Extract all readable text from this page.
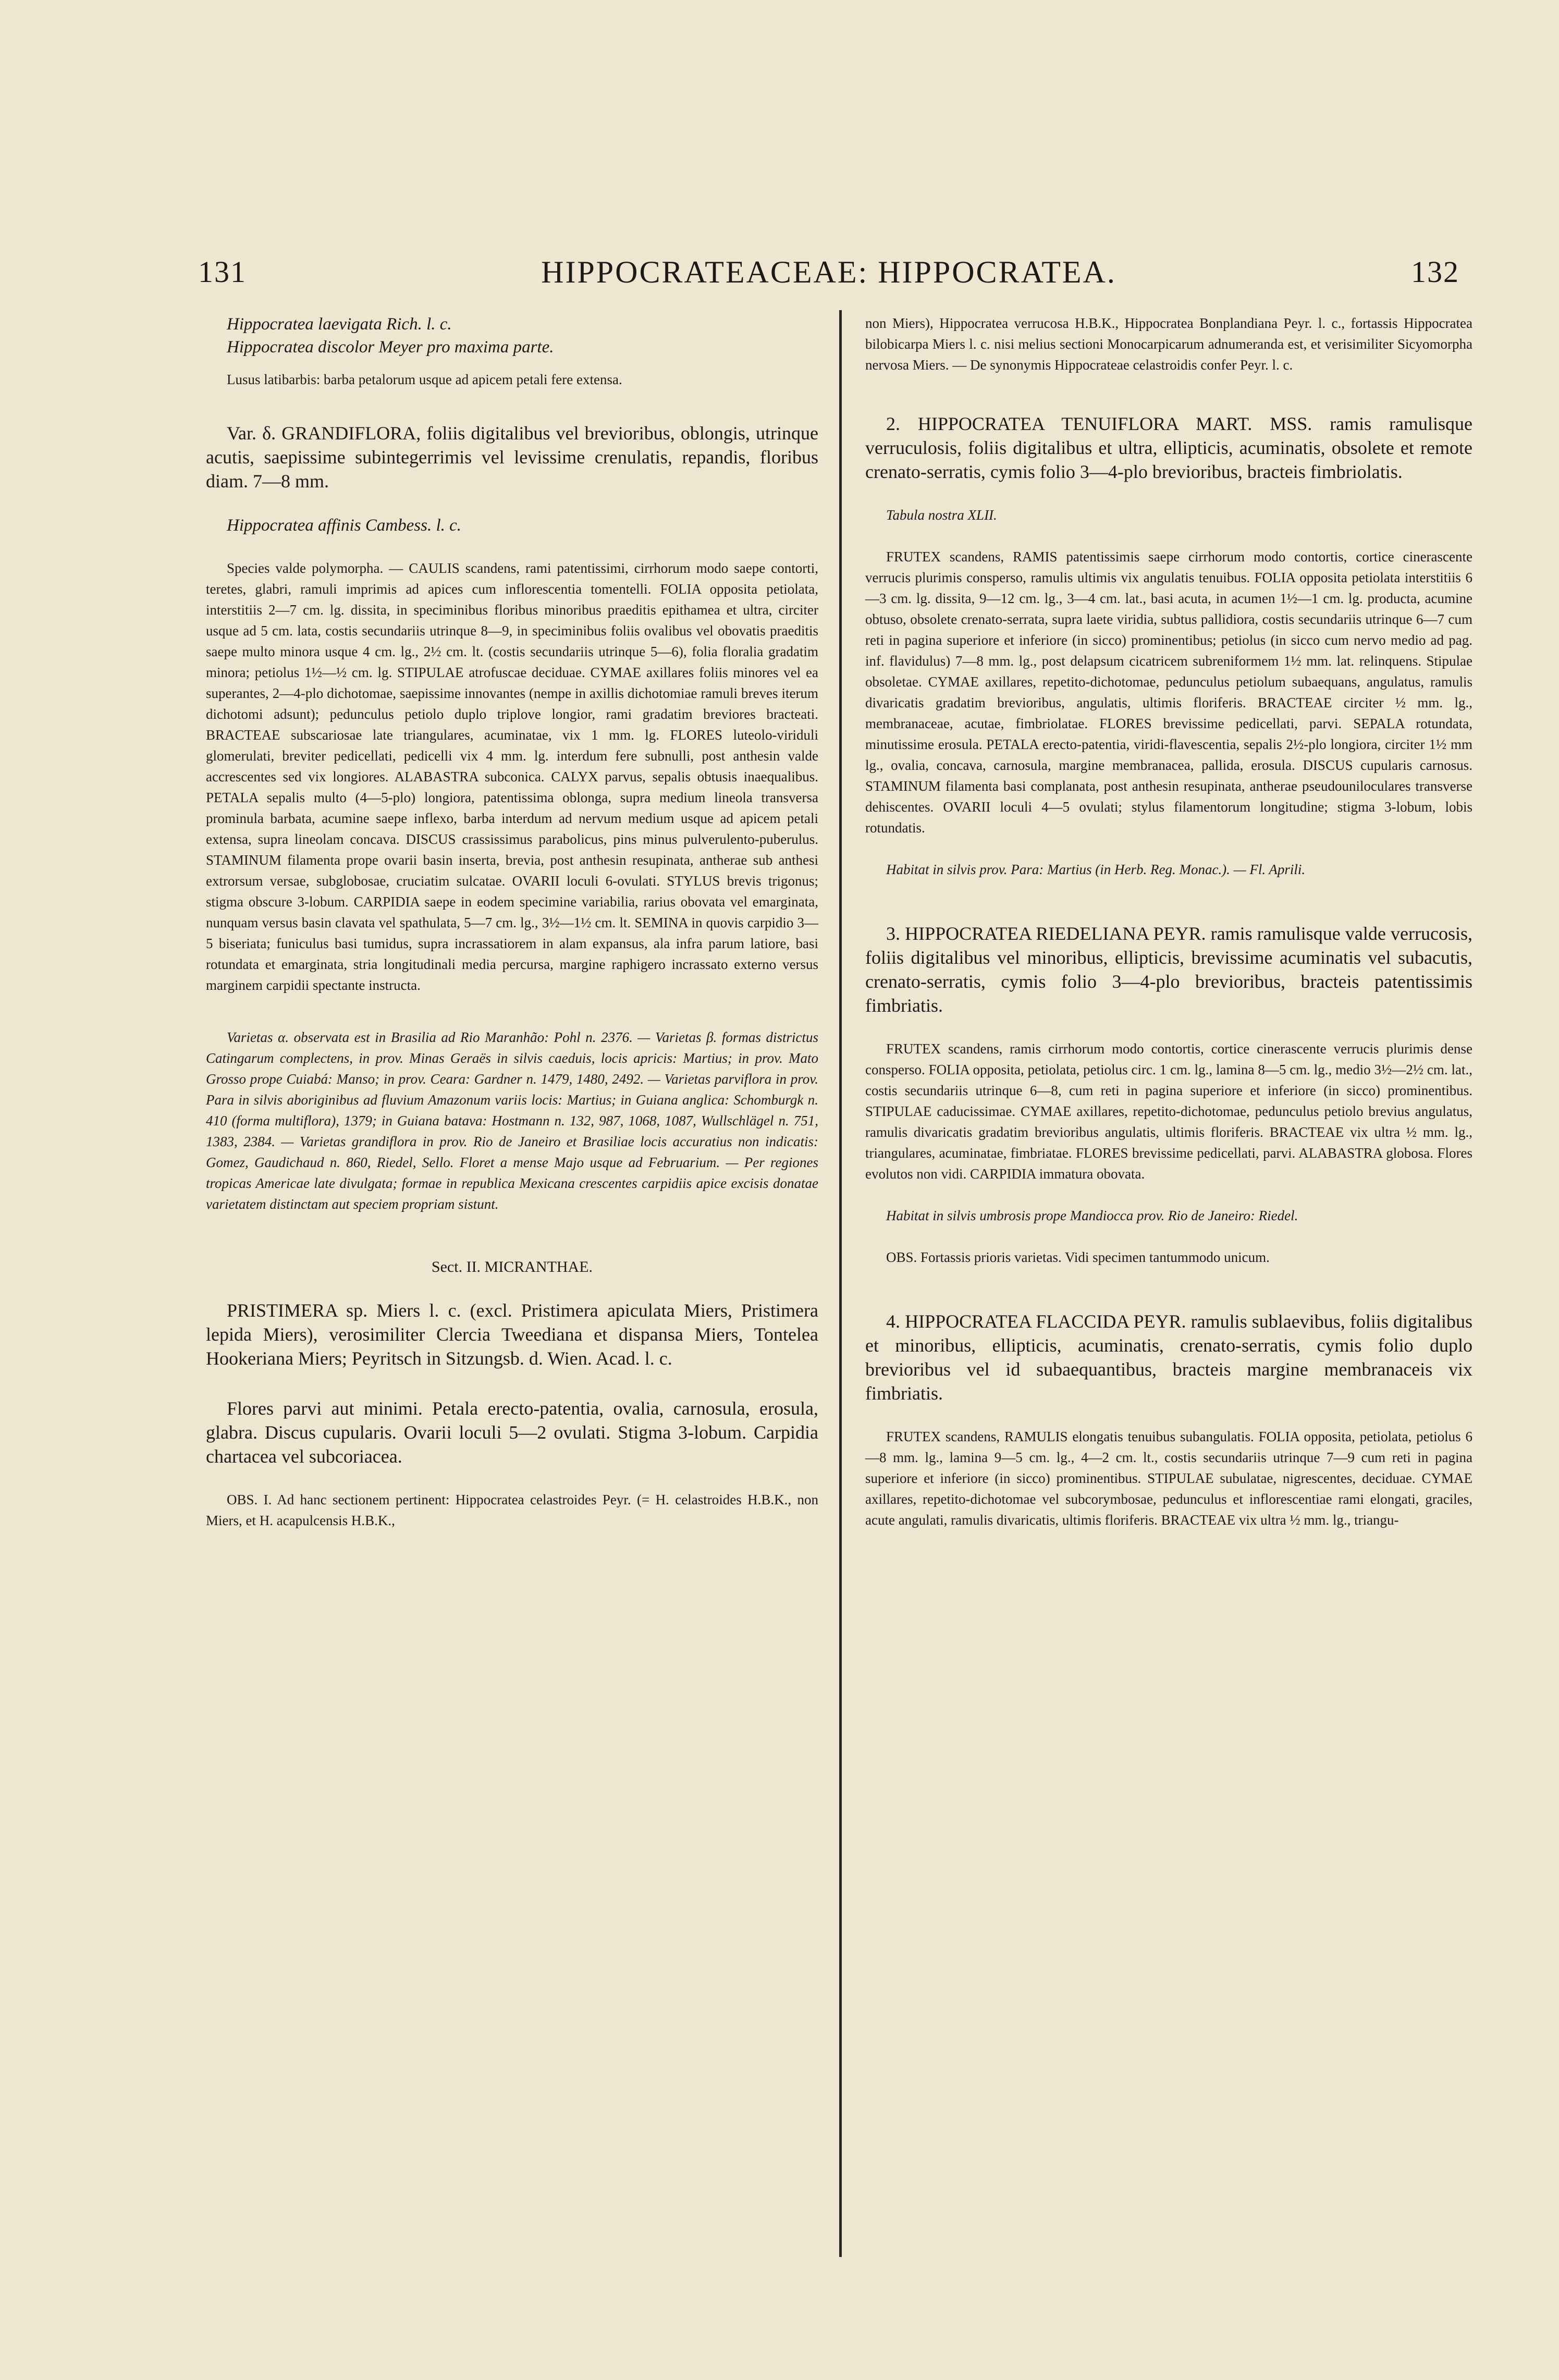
131	HIPPOCRATEACEAE: HIPPOCRATEA.	132

Hippocratea laevigata Rich. l. c.

Hippocratea discolor Meyer pro maxima parte.

Lusus latibarbis: barba petalorum usque ad apicem petali fere extensa.

Var. δ. GRANDIFLORA, foliis digitalibus vel brevioribus, oblongis, utrinque acutis, saepissime subintegerrimis vel levissime crenulatis, repandis, floribus diam. 7—8 mm.

Hippocratea affinis Cambess. l. c.

Species valde polymorpha. — CAULIS scandens, rami patentissimi, cirrhorum modo saepe contorti, teretes, glabri, ramuli imprimis ad apices cum inflorescentia tomentelli. FOLIA opposita petiolata, interstitiis 2—7 cm. lg. dissita, in speciminibus floribus minoribus praeditis epithamea et ultra, circiter usque ad 5 cm. lata, costis secundariis utrinque 8—9, in speciminibus foliis ovalibus vel obovatis praeditis saepe multo minora usque 4 cm. lg., 2½ cm. lt. (costis secundariis utrinque 5—6), folia floralia gradatim minora; petiolus 1½—½ cm. lg. STIPULAE atrofuscae deciduae. CYMAE axillares foliis minores vel ea superantes, 2—4-plo dichotomae, saepissime innovantes (nempe in axillis dichotomiae ramuli breves iterum dichotomi adsunt); pedunculus petiolo duplo triplove longior, rami gradatim breviores bracteati. BRACTEAE subscariosae late triangulares, acuminatae, vix 1 mm. lg. FLORES luteolo-viriduli glomerulati, breviter pedicellati, pedicelli vix 4 mm. lg. interdum fere subnulli, post anthesin valde accrescentes sed vix longiores. ALABASTRA subconica. CALYX parvus, sepalis obtusis inaequalibus. PETALA sepalis multo (4—5-plo) longiora, patentissima oblonga, supra medium lineola transversa prominula barbata, acumine saepe inflexo, barba interdum ad nervum medium usque ad apicem petali extensa, supra lineolam concava. DISCUS crassissimus parabolicus, pins minus pulverulento-puberulus. STAMINUM filamenta prope ovarii basin inserta, brevia, post anthesin resupinata, antherae sub anthesi extrorsum versae, subglobosae, cruciatim sulcatae. OVARII loculi 6-ovulati. STYLUS brevis trigonus; stigma obscure 3-lobum. CARPIDIA saepe in eodem specimine variabilia, rarius obovata vel emarginata, nunquam versus basin clavata vel spathulata, 5—7 cm. lg., 3½—1½ cm. lt. SEMINA in quovis carpidio 3—5 biseriata; funiculus basi tumidus, supra incrassatiorem in alam expansus, ala infra parum latiore, basi rotundata et emarginata, stria longitudinali media percursa, margine raphigero incrassato externo versus marginem carpidii spectante instructa.

Varietas α. observata est in Brasilia ad Rio Maranhão: Pohl n. 2376. — Varietas β. formas districtus Catingarum complectens, in prov. Minas Geraës in silvis caeduis, locis apricis: Martius; in prov. Mato Grosso prope Cuiabá: Manso; in prov. Ceara: Gardner n. 1479, 1480, 2492. — Varietas parviflora in prov. Para in silvis aboriginibus ad fluvium Amazonum variis locis: Martius; in Guiana anglica: Schomburgk n. 410 (forma multiflora), 1379; in Guiana batava: Hostmann n. 132, 987, 1068, 1087, Wullschlägel n. 751, 1383, 2384. — Varietas grandiflora in prov. Rio de Janeiro et Brasiliae locis accuratius non indicatis: Gomez, Gaudichaud n. 860, Riedel, Sello. Floret a mense Majo usque ad Februarium. — Per regiones tropicas Americae late divulgata; formae in republica Mexicana crescentes carpidiis apice excisis donatae varietatem distinctam aut speciem propriam sistunt.

Sect. II. MICRANTHAE.

PRISTIMERA sp. Miers l. c. (excl. Pristimera apiculata Miers, Pristimera lepida Miers), verosimiliter Clercia Tweediana et dispansa Miers, Tontelea Hookeriana Miers; Peyritsch in Sitzungsb. d. Wien. Acad. l. c.

Flores parvi aut minimi. Petala erecto-patentia, ovalia, carnosula, erosula, glabra. Discus cupularis. Ovarii loculi 5—2 ovulati. Stigma 3-lobum. Carpidia chartacea vel subcoriacea.

OBS. I. Ad hanc sectionem pertinent: Hippocratea celastroides Peyr. (= H. celastroides H.B.K., non Miers, et H. acapulcensis H.B.K.,

non Miers), Hippocratea verrucosa H.B.K., Hippocratea Bonplandiana Peyr. l. c., fortassis Hippocratea bilobicarpa Miers l. c. nisi melius sectioni Monocarpicarum adnumeranda est, et verisimiliter Sicyomorpha nervosa Miers. — De synonymis Hippocrateae celastroidis confer Peyr. l. c.

2. HIPPOCRATEA TENUIFLORA MART. MSS. ramis ramulisque verruculosis, foliis digitalibus et ultra, ellipticis, acuminatis, obsolete et remote crenato-serratis, cymis folio 3—4-plo brevioribus, bracteis fimbriolatis.

Tabula nostra XLII.

FRUTEX scandens, RAMIS patentissimis saepe cirrhorum modo contortis, cortice cinerascente verrucis plurimis consperso, ramulis ultimis vix angulatis tenuibus. FOLIA opposita petiolata interstitiis 6—3 cm. lg. dissita, 9—12 cm. lg., 3—4 cm. lat., basi acuta, in acumen 1½—1 cm. lg. producta, acumine obtuso, obsolete crenato-serrata, supra laete viridia, subtus pallidiora, costis secundariis utrinque 6—7 cum reti in pagina superiore et inferiore (in sicco) prominentibus; petiolus (in sicco cum nervo medio ad pag. inf. flavidulus) 7—8 mm. lg., post delapsum cicatricem subreniformem 1½ mm. lat. relinquens. Stipulae obsoletae. CYMAE axillares, repetito-dichotomae, pedunculus petiolum subaequans, angulatus, ramulis divaricatis gradatim brevioribus, angulatis, ultimis floriferis. BRACTEAE circiter ½ mm. lg., membranaceae, acutae, fimbriolatae. FLORES brevissime pedicellati, parvi. SEPALA rotundata, minutissime erosula. PETALA erecto-patentia, viridi-flavescentia, sepalis 2½-plo longiora, circiter 1½ mm lg., ovalia, concava, carnosula, margine membranacea, pallida, erosula. DISCUS cupularis carnosus. STAMINUM filamenta basi complanata, post anthesin resupinata, antherae pseudouniloculares transverse dehiscentes. OVARII loculi 4—5 ovulati; stylus filamentorum longitudine; stigma 3-lobum, lobis rotundatis.

Habitat in silvis prov. Para: Martius (in Herb. Reg. Monac.). — Fl. Aprili.

3. HIPPOCRATEA RIEDELIANA PEYR. ramis ramulisque valde verrucosis, foliis digitalibus vel minoribus, ellipticis, brevissime acuminatis vel subacutis, crenato-serratis, cymis folio 3—4-plo brevioribus, bracteis patentissimis fimbriatis.

FRUTEX scandens, ramis cirrhorum modo contortis, cortice cinerascente verrucis plurimis dense consperso. FOLIA opposita, petiolata, petiolus circ. 1 cm. lg., lamina 8—5 cm. lg., medio 3½—2½ cm. lat., costis secundariis utrinque 6—8, cum reti in pagina superiore et inferiore (in sicco) prominentibus. STIPULAE caducissimae. CYMAE axillares, repetito-dichotomae, pedunculus petiolo brevius angulatus, ramulis divaricatis gradatim brevioribus angulatis, ultimis floriferis. BRACTEAE vix ultra ½ mm. lg., triangulares, acuminatae, fimbriatae. FLORES brevissime pedicellati, parvi. ALABASTRA globosa. Flores evolutos non vidi. CARPIDIA immatura obovata.

Habitat in silvis umbrosis prope Mandiocca prov. Rio de Janeiro: Riedel.

OBS. Fortassis prioris varietas. Vidi specimen tantummodo unicum.

4. HIPPOCRATEA FLACCIDA PEYR. ramulis sublaevibus, foliis digitalibus et minoribus, ellipticis, acuminatis, crenato-serratis, cymis folio duplo brevioribus vel id subaequantibus, bracteis margine membranaceis vix fimbriatis.

FRUTEX scandens, RAMULIS elongatis tenuibus subangulatis. FOLIA opposita, petiolata, petiolus 6—8 mm. lg., lamina 9—5 cm. lg., 4—2 cm. lt., costis secundariis utrinque 7—9 cum reti in pagina superiore et inferiore (in sicco) prominentibus. STIPULAE subulatae, nigrescentes, deciduae. CYMAE axillares, repetito-dichotomae vel subcorymbosae, pedunculus et inflorescentiae rami elongati, graciles, acute angulati, ramulis divaricatis, ultimis floriferis. BRACTEAE vix ultra ½ mm. lg., triangu-
